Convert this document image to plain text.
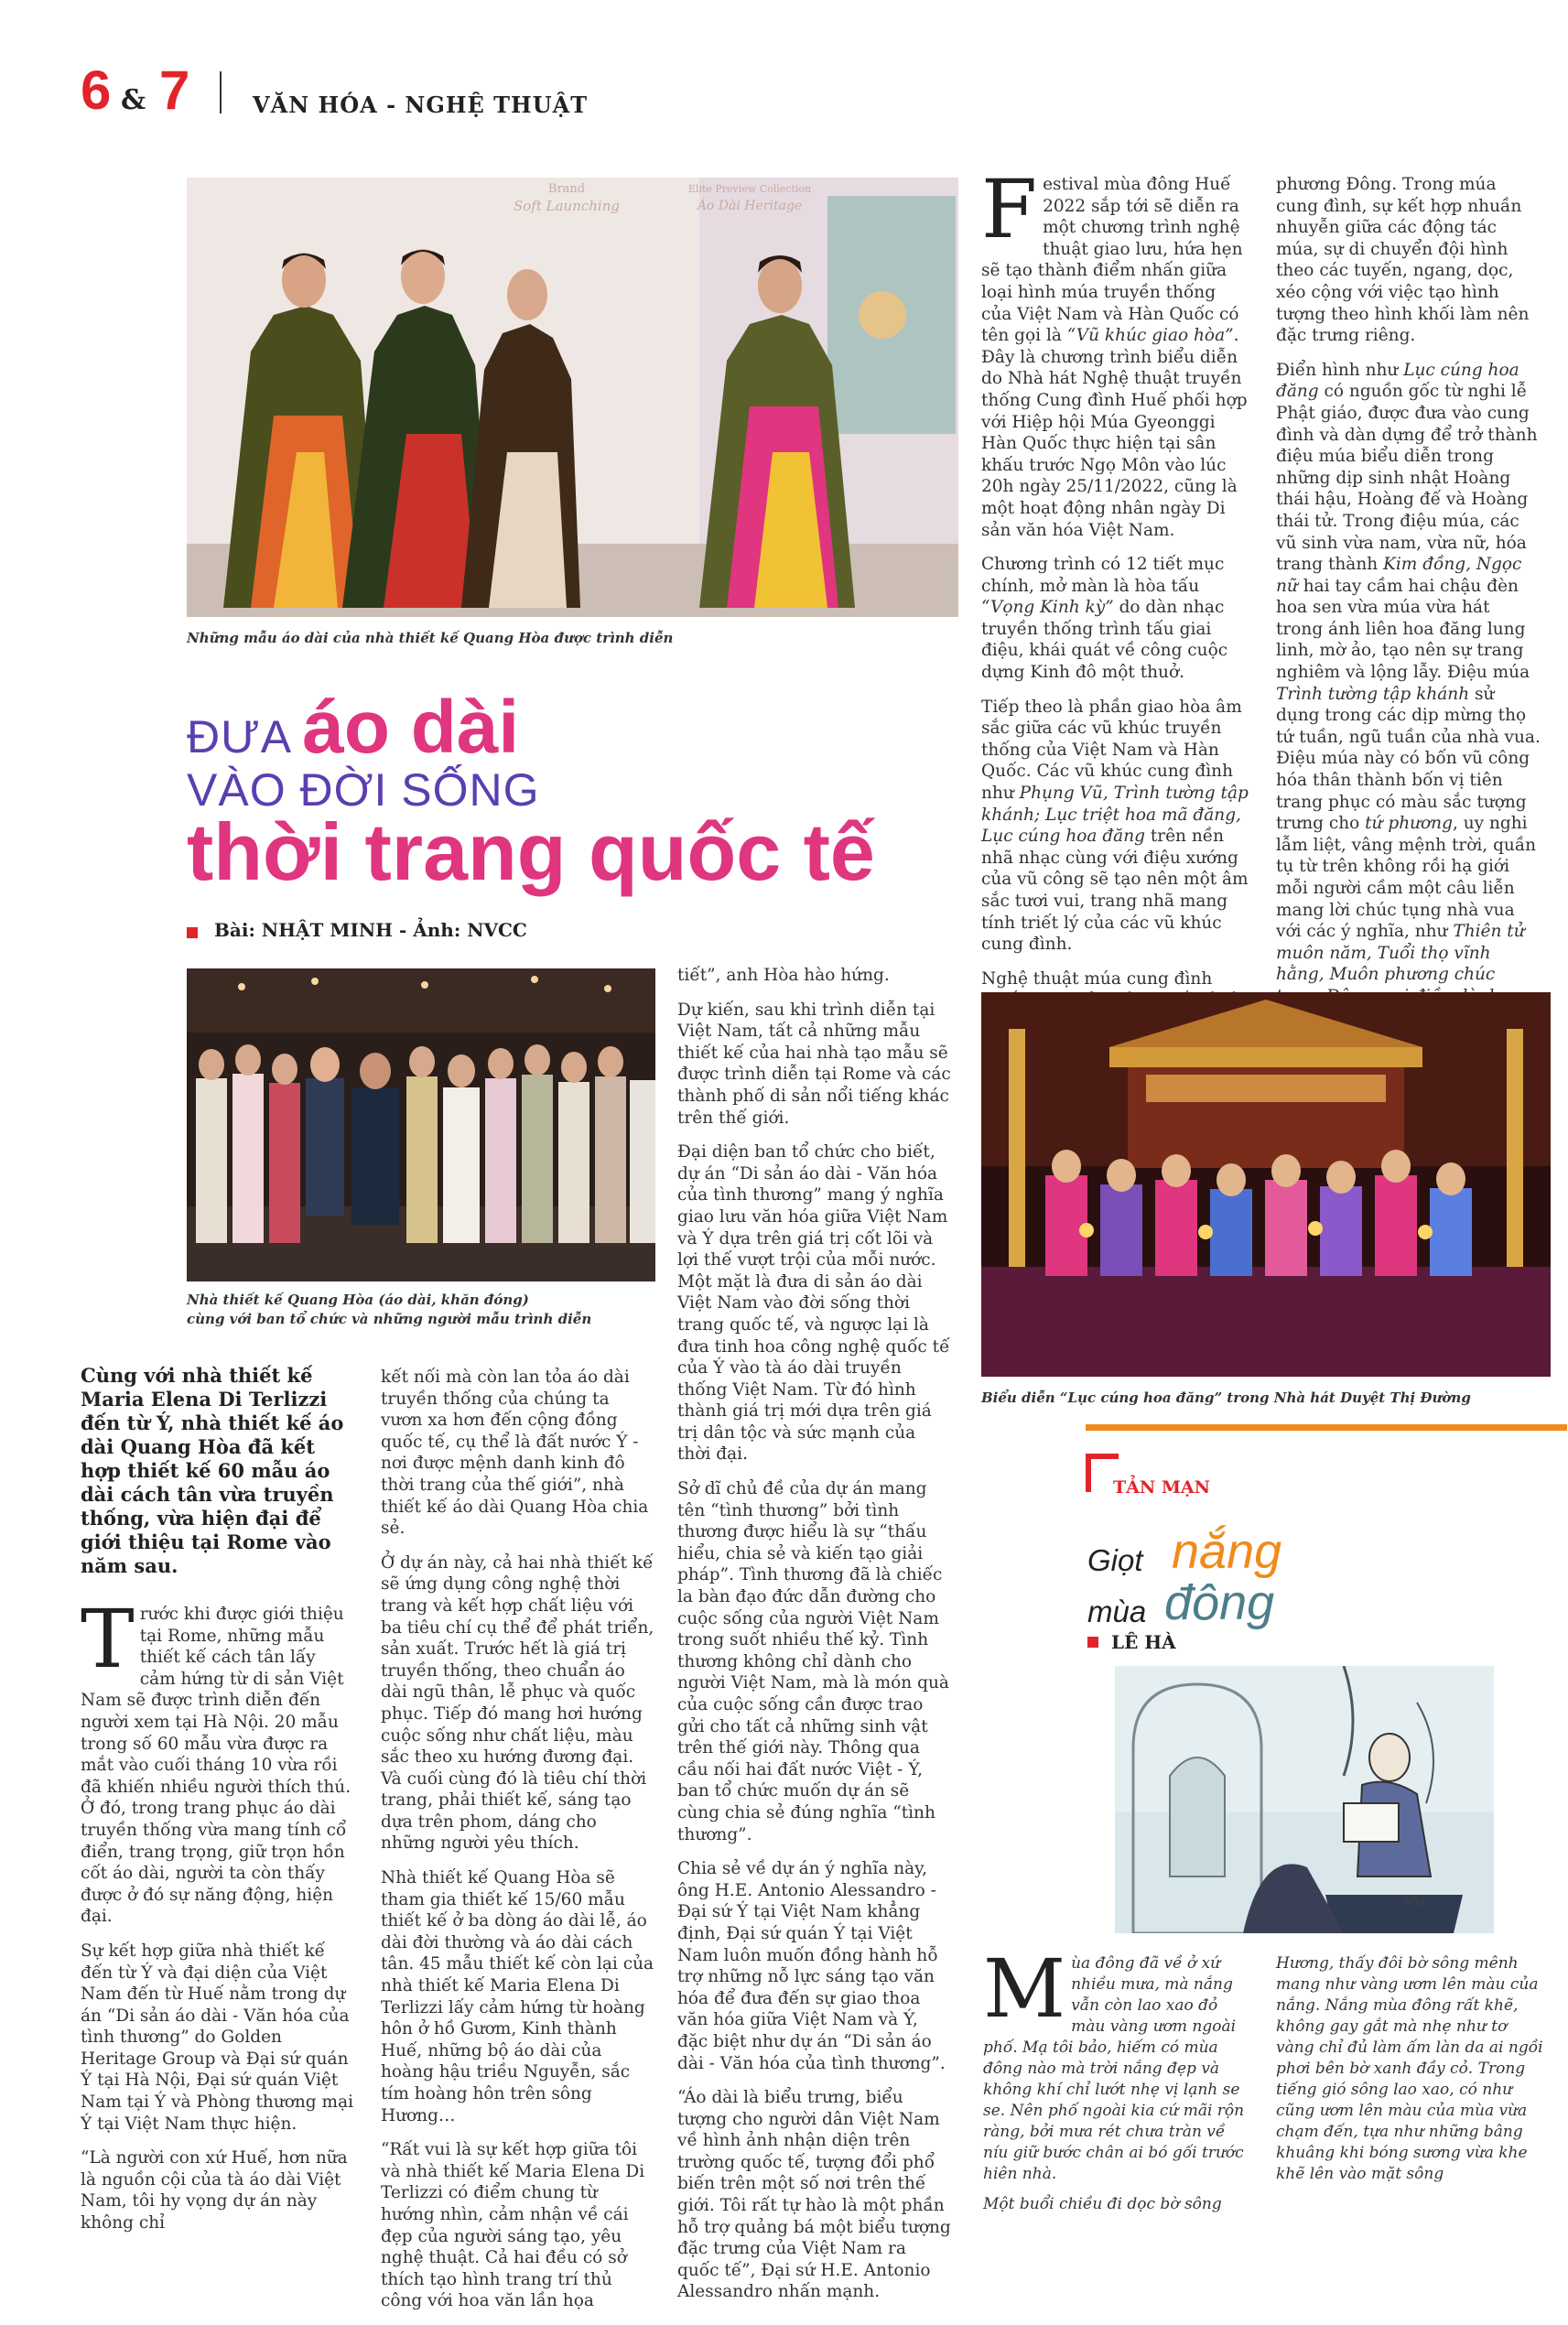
6 & 7	VĂN HÓA - NGHỆ THUẬT
Brand
Soft Launching
Elite Preview Collection
Áo Dài Heritage
Những mẫu áo dài của nhà thiết kế Quang Hòa được trình diễn
ĐƯA áo dài
VÀO ĐỜI SỐNG
thời trang quốc tế
Bài: NHẬT MINH - Ảnh: NVCC
Nhà thiết kế Quang Hòa (áo dài, khăn đóng)
cùng với ban tổ chức và những người mẫu trình diễn
Cùng với nhà thiết kế Maria Elena Di Terlizzi đến từ Ý, nhà thiết kế áo dài Quang Hòa đã kết hợp thiết kế 60 mẫu áo dài cách tân vừa truyền thống, vừa hiện đại để giới thiệu tại Rome vào năm sau.

Trước khi được giới thiệu tại Rome, những mẫu thiết kế cách tân lấy cảm hứng từ di sản Việt Nam sẽ được trình diễn đến người xem tại Hà Nội. 20 mẫu trong số 60 mẫu vừa được ra mắt vào cuối tháng 10 vừa rồi đã khiến nhiều người thích thú. Ở đó, trong trang phục áo dài truyền thống vừa mang tính cổ điển, trang trọng, giữ trọn hồn cốt áo dài, người ta còn thấy được ở đó sự năng động, hiện đại.

Sự kết hợp giữa nhà thiết kế đến từ Ý và đại diện của Việt Nam đến từ Huế nằm trong dự án “Di sản áo dài - Văn hóa của tình thương” do Golden Heritage Group và Đại sứ quán Ý tại Hà Nội, Đại sứ quán Việt Nam tại Ý và Phòng thương mại Ý tại Việt Nam thực hiện.

“Là người con xứ Huế, hơn nữa là nguồn cội của tà áo dài Việt Nam, tôi hy vọng dự án này không chỉ

kết nối mà còn lan tỏa áo dài truyền thống của chúng ta vươn xa hơn đến cộng đồng quốc tế, cụ thể là đất nước Ý - nơi được mệnh danh kinh đô thời trang của thế giới”, nhà thiết kế áo dài Quang Hòa chia sẻ.

Ở dự án này, cả hai nhà thiết kế sẽ ứng dụng công nghệ thời trang và kết hợp chất liệu với ba tiêu chí cụ thể để phát triển, sản xuất. Trước hết là giá trị truyền thống, theo chuẩn áo dài ngũ thân, lễ phục và quốc phục. Tiếp đó mang hơi hướng cuộc sống như chất liệu, màu sắc theo xu hướng đương đại. Và cuối cùng đó là tiêu chí thời trang, phải thiết kế, sáng tạo dựa trên phom, dáng cho những người yêu thích.

Nhà thiết kế Quang Hòa sẽ tham gia thiết kế 15/60 mẫu thiết kế ở ba dòng áo dài lễ, áo dài đời thường và áo dài cách tân. 45 mẫu thiết kế còn lại của nhà thiết kế Maria Elena Di Terlizzi lấy cảm hứng từ hoàng hôn ở hồ Gươm, Kinh thành Huế, những bộ áo dài của hoàng hậu triều Nguyễn, sắc tím hoàng hôn trên sông Hương…

“Rất vui là sự kết hợp giữa tôi và nhà thiết kế Maria Elena Di Terlizzi có điểm chung từ hướng nhìn, cảm nhận về cái đẹp của người sáng tạo, yêu nghệ thuật. Cả hai đều có sở thích tạo hình trang trí thủ công với hoa văn lần họa

tiết”, anh Hòa hào hứng.

Dự kiến, sau khi trình diễn tại Việt Nam, tất cả những mẫu thiết kế của hai nhà tạo mẫu sẽ được trình diễn tại Rome và các thành phố di sản nổi tiếng khác trên thế giới.

Đại diện ban tổ chức cho biết, dự án “Di sản áo dài - Văn hóa của tình thương” mang ý nghĩa giao lưu văn hóa giữa Việt Nam và Ý dựa trên giá trị cốt lõi và lợi thế vượt trội của mỗi nước. Một mặt là đưa di sản áo dài Việt Nam vào đời sống thời trang quốc tế, và ngược lại là đưa tinh hoa công nghệ quốc tế của Ý vào tà áo dài truyền thống Việt Nam. Từ đó hình thành giá trị mới dựa trên giá trị dân tộc và sức mạnh của thời đại.

Sở dĩ chủ đề của dự án mang tên “tình thương” bởi tình thương được hiểu là sự “thấu hiểu, chia sẻ và kiến tạo giải pháp”. Tình thương đã là chiếc la bàn đạo đức dẫn đường cho cuộc sống của người Việt Nam trong suốt nhiều thế kỷ. Tình thương không chỉ dành cho người Việt Nam, mà là món quà của cuộc sống cần được trao gửi cho tất cả những sinh vật trên thế giới này. Thông qua cầu nối hai đất nước Việt - Ý, ban tổ chức muốn dự án sẽ cùng chia sẻ đúng nghĩa “tình thương”.

Chia sẻ về dự án ý nghĩa này, ông H.E. Antonio Alessandro - Đại sứ Ý tại Việt Nam khẳng định, Đại sứ quán Ý tại Việt Nam luôn muốn đồng hành hỗ trợ những nỗ lực sáng tạo văn hóa để đưa đến sự giao thoa văn hóa giữa Việt Nam và Ý, đặc biệt như dự án “Di sản áo dài - Văn hóa của tình thương”.

“Áo dài là biểu trưng, biểu tượng cho người dân Việt Nam về hình ảnh nhận diện trên trường quốc tế, tượng đổi phổ biến trên một số nơi trên thế giới. Tôi rất tự hào là một phần hỗ trợ quảng bá một biểu tượng đặc trưng của Việt Nam ra quốc tế”, Đại sứ H.E. Antonio Alessandro nhấn mạnh.

Festival mùa đông Huế 2022 sắp tới sẽ diễn ra một chương trình nghệ thuật giao lưu, hứa hẹn sẽ tạo thành điểm nhấn giữa loại hình múa truyền thống của Việt Nam và Hàn Quốc có tên gọi là “Vũ khúc giao hòa”. Đây là chương trình biểu diễn do Nhà hát Nghệ thuật truyền thống Cung đình Huế phối hợp với Hiệp hội Múa Gyeonggi Hàn Quốc thực hiện tại sân khấu trước Ngọ Môn vào lúc 20h ngày 25/11/2022, cũng là một hoạt động nhân ngày Di sản văn hóa Việt Nam.

Chương trình có 12 tiết mục chính, mở màn là hòa tấu “Vọng Kinh kỳ” do dàn nhạc truyền thống trình tấu giai điệu, khái quát về công cuộc dựng Kinh đô một thuở.

Tiếp theo là phần giao hòa âm sắc giữa các vũ khúc truyền thống của Việt Nam và Hàn Quốc. Các vũ khúc cung đình như Phụng Vũ, Trình tường tập khánh; Lục triệt hoa mã đăng, Lục cúng hoa đăng trên nền nhã nhạc cùng với điệu xướng của vũ công sẽ tạo nên một âm sắc tươi vui, trang nhã mang tính triết lý của các vũ khúc cung đình.

Nghệ thuật múa cung đình

phương Đông. Trong múa cung đình, sự kết hợp nhuần nhuyễn giữa các động tác múa, sự di chuyển đội hình theo các tuyến, ngang, dọc, xéo cộng với việc tạo hình tượng theo hình khối làm nên đặc trưng riêng.

Điển hình như Lục cúng hoa đăng có nguồn gốc từ nghi lễ Phật giáo, được đưa vào cung đình và dàn dựng để trở thành điệu múa biểu diễn trong những dịp sinh nhật Hoàng thái hậu, Hoàng đế và Hoàng thái tử. Trong điệu múa, các vũ sinh vừa nam, vừa nữ, hóa trang thành Kim đồng, Ngọc nữ hai tay cầm hai chậu đèn hoa sen vừa múa vừa hát trong ánh liên hoa đăng lung linh, mờ ảo, tạo nên sự trang nghiêm và lộng lẫy. Điệu múa Trình tường tập khánh sử dụng trong các dịp mừng thọ tứ tuần, ngũ tuần của nhà vua. Điệu múa này có bốn vũ công hóa thân thành bốn vị tiên trang phục có màu sắc tượng trưng cho tứ phương, uy nghi lẫm liệt, vâng mệnh trời, quần tụ từ trên không rồi hạ giới mỗi người cầm một câu liễn mang lời chúc tụng nhà vua với các ý nghĩa, như Thiên tử muôn năm, Tuổi thọ vĩnh hằng, Muôn phương chúc

Biểu diễn “Lục cúng hoa đăng” trong Nhà hát Duyệt Thị Đường
TẢN MẠN
Giọt nắng
mùa đông
LÊ HÀ
hha

Mùa đông đã về ở xứ nhiều mưa, mà nắng vẫn còn lao xao đỏ màu vàng ươm ngoài phố. Mạ tôi bảo, hiếm có mùa đông nào mà trời nắng đẹp và không khí chỉ lướt nhẹ vị lạnh se se. Nên phố ngoài kia cứ mãi rộn ràng, bởi mưa rét chưa tràn về níu giữ bước chân ai bó gối trước hiên nhà.

Một buổi chiều đi dọc bờ sông

Hương, thấy đôi bờ sông mênh mang như vàng ươm lên màu của nắng. Nắng mùa đông rất khẽ, không gay gắt mà nhẹ như tơ vàng chỉ đủ làm ấm làn da ai ngồi phơi bên bờ xanh đầy cỏ. Trong tiếng gió sông lao xao, có như cũng ươm lên màu của mùa vừa chạm đến, tựa như những bâng khuâng khi bóng sương vừa khe khẽ lên vào mặt sông
